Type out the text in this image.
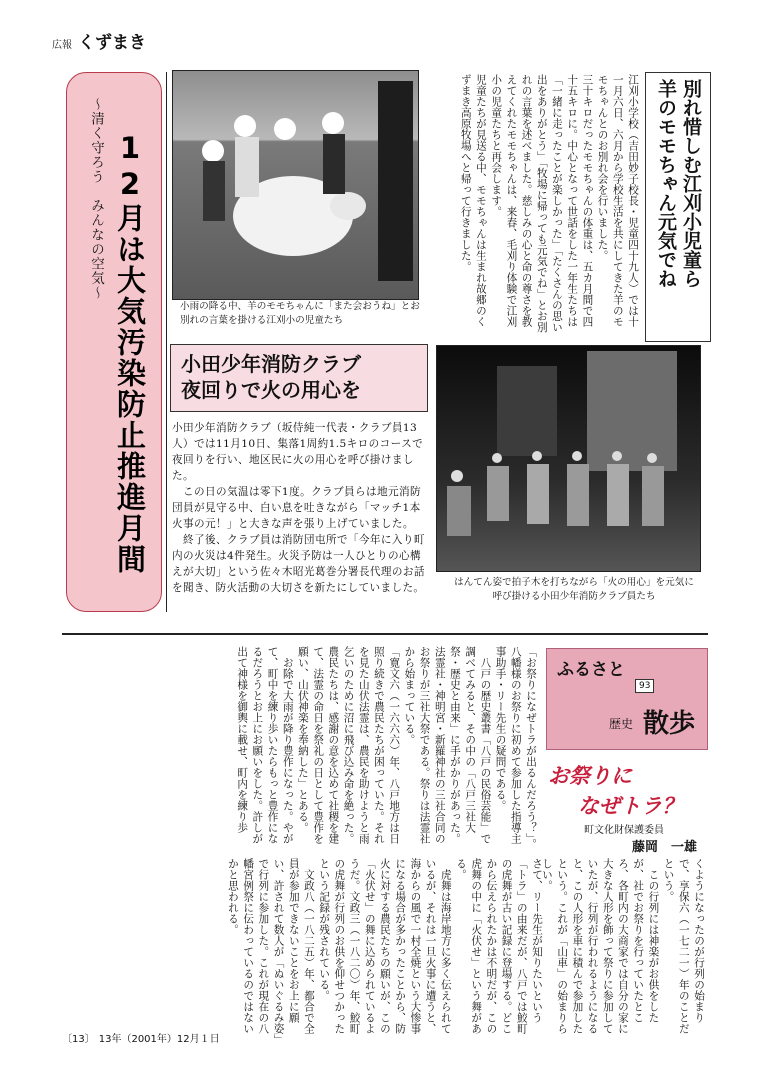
広報 くずまき
～清く守ろう　みんなの空気～ 12月は大気汚染防止推進月間	小雨の降る中、羊のモモちゃんに「また会おうね」とお別れの言葉を掛ける江刈小の児童たち	江刈小学校（吉田妙子校長・児童四十九人）では十一月六日、六月から学校生活を共にしてきた羊のモモちゃんとのお別れ会を行いました。
三十キロだったモモちゃんの体重は、五カ月間で四十五キロに。中心となって世話をした一年生たちは「一緒に走ったことが楽しかった」「たくさんの思い出をありがとう」「牧場に帰っても元気でね」とお別れの言葉を述べました。慈しみの心と命の尊さを教えてくれたモモちゃんは、来春、毛刈り体験で江刈小の児童たちと再会します。
児童たちが見送る中、モモちゃんは生まれ故郷のくずまき高原牧場へと帰って行きました。	羊のモモちゃん元気でね 別れ惜しむ江刈小児童ら
小田少年消防クラブ
夜回りで火の用心を
小田少年消防クラブ（坂侍純一代表・クラブ員13人）では11月10日、集落1周約1.5キロのコースで夜回りを行い、地区民に火の用心を呼び掛けました。
　この日の気温は零下1度。クラブ員らは地元消防団員が見守る中、白い息を吐きながら「マッチ1本火事の元！」と大きな声を張り上げていました。
　終了後、クラブ員は消防団屯所で「今年に入り町内の火災は4件発生。火災予防は一人ひとりの心構えが大切」という佐々木昭光葛巻分署長代理のお話を聞き、防火活動の大切さを新たにしていました。	はんてん姿で拍子木を打ちながら「火の用心」を元気に呼び掛ける小田少年消防クラブ員たち
ふるさと
93
歴史 散歩
お祭りに
なぜトラ？
町文化財保護委員
藤岡　一雄
くようになったのが行列の始まりで、享保六（一七二一）年のことだという。
　この行列には神楽がお供をしたが、社でお祭りを行っていたところ、各町内の大商家では自分の家に大きな人形を飾って祭りに参加していたが、行列が行われるようになると、この人形を車に積んで参加したという。これが「山車」の始まりらしい。
さて、リー先生が知りたいという「トラ」の由来だが、八戸では鮫町の虎舞が古い記録に登場する。どこから伝えられたかは不明だが、この虎舞の中に「火伏せ」という舞がある。
　虎舞は海岸地方に多く伝えられているが、それは一旦火事に遭うと、海からの風で一村全焼という大惨事になる場合が多かったことから、防火に対する農民たちの願いが、この「火伏せ」の舞に込められているようだ。文政三（一八二〇）年、鮫町の虎舞が行列のお供を仰せつかったという記録が残されている。
　文政八（一八二五）年、都合で全員が参加できないことをお上に願い、許されて数人が「ぬいぐるみ姿」で行列に参加した。これが現在の八幡宮例祭に伝わっているのではないかと思われる。
「お祭りになぜトラが出るんだろう？」。八幡様のお祭りに初めて参加した指導主事助手・リー先生の疑問である。
　八戸の歴史叢書「八戸の民俗芸能」で調べてみると、その中の「八戸三社大祭・歴史と由来」に手がかりがあった。法霊社・神明宮・新羅神社の三社合同のお祭りが三社大祭である。祭りは法霊社から始まっている。
「寛文六（一六六六）年、八戸地方は日照り続きで農民たちが困っていた。それを見た山伏法霊は、農民を助けようと雨乞いのために沼に飛び込み命を絶った。農民たちは、感謝の意を込めて社稷を建て、法霊の命日を祭礼の日として豊作を願い、山伏神楽を奉納した」とある。
　お除で大雨が降り豊作になった。やがて、町中を練り歩いたらもっと豊作になるだろうとお上にお願いをした。許しが出て神様を御輿に載せ、町内を練り歩
〔13〕 13年（2001年）12月１日
